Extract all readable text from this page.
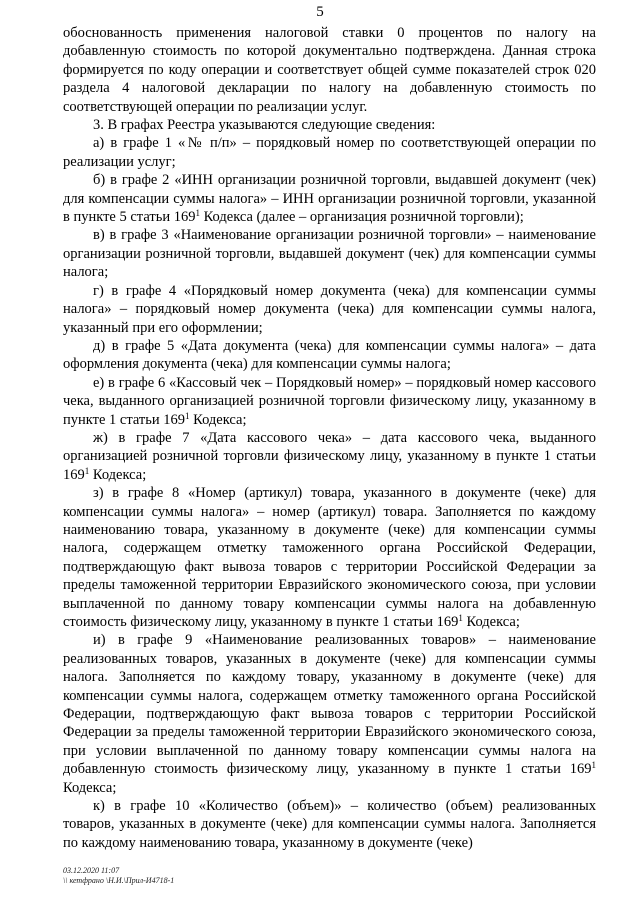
5

обоснованность применения налоговой ставки 0 процентов по налогу на добавленную стоимость по которой документально подтверждена. Данная строка формируется по коду операции и соответствует общей сумме показателей строк 020 раздела 4 налоговой декларации по налогу на добавленную стоимость по соответствующей операции по реализации услуг.

3. В графах Реестра указываются следующие сведения:

а) в графе 1 «№ п/п» – порядковый номер по соответствующей операции по реализации услуг;

б) в графе 2 «ИНН организации розничной торговли, выдавшей документ (чек) для компенсации суммы налога» – ИНН организации розничной торговли, указанной в пункте 5 статьи $169^1$ Кодекса (далее – организация розничной торговли);

в) в графе 3 «Наименование организации розничной торговли» – наименование организации розничной торговли, выдавшей документ (чек) для компенсации суммы налога;

г) в графе 4 «Порядковый номер документа (чека) для компенсации суммы налога» – порядковый номер документа (чека) для компенсации суммы налога, указанный при его оформлении;

д) в графе 5 «Дата документа (чека) для компенсации суммы налога» – дата оформления документа (чека) для компенсации суммы налога;

е) в графе 6 «Кассовый чек – Порядковый номер» – порядковый номер кассового чека, выданного организацией розничной торговли физическому лицу, указанному в пункте 1 статьи $169^1$ Кодекса;

ж) в графе 7 «Дата кассового чека» – дата кассового чека, выданного организацией розничной торговли физическому лицу, указанному в пункте 1 статьи $169^1$ Кодекса;

з) в графе 8 «Номер (артикул) товара, указанного в документе (чеке) для компенсации суммы налога» – номер (артикул) товара. Заполняется по каждому наименованию товара, указанному в документе (чеке) для компенсации суммы налога, содержащем отметку таможенного органа Российской Федерации, подтверждающую факт вывоза товаров с территории Российской Федерации за пределы таможенной территории Евразийского экономического союза, при условии выплаченной по данному товару компенсации суммы налога на добавленную стоимость физическому лицу, указанному в пункте 1 статьи $169^1$ Кодекса;

и) в графе 9 «Наименование реализованных товаров» – наименование реализованных товаров, указанных в документе (чеке) для компенсации суммы налога. Заполняется по каждому товару, указанному в документе (чеке) для компенсации суммы налога, содержащем отметку таможенного органа Российской Федерации, подтверждающую факт вывоза товаров с территории Российской Федерации за пределы таможенной территории Евразийского экономического союза, при условии выплаченной по данному товару компенсации суммы налога на добавленную стоимость физическому лицу, указанному в пункте 1 статьи $169^1$ Кодекса;

к) в графе 10 «Количество (объем)» – количество (объем) реализованных товаров, указанных в документе (чеке) для компенсации суммы налога. Заполняется по каждому наименованию товара, указанному в документе (чеке)

03.12.2020 11:07
\\ кетфрано \Н.И.\Прил-И4718-1
